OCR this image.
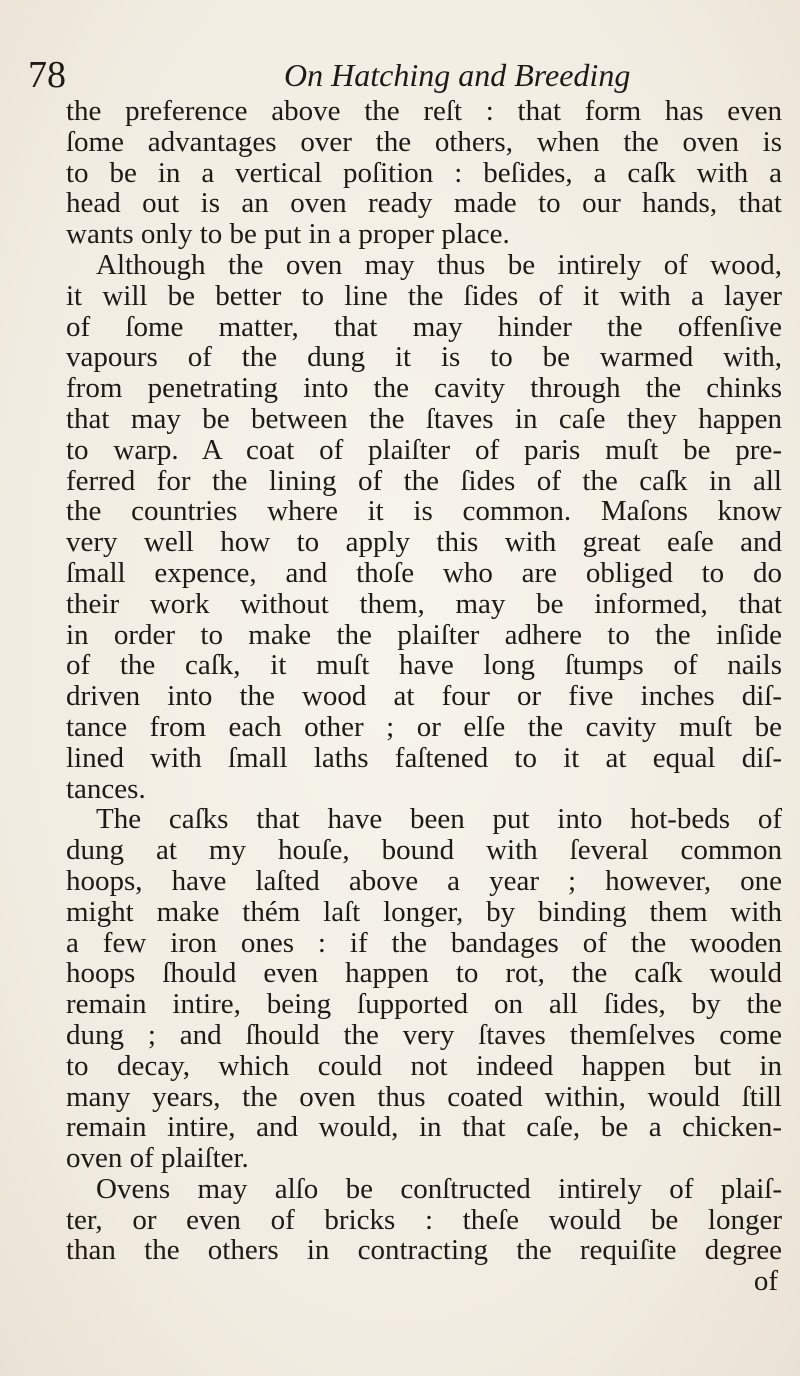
78	On Hatching and Breeding
the preference above the reſt : that form has even
ſome advantages over the others, when the oven is
to be in a vertical poſition : beſides, a caſk with a
head out is an oven ready made to our hands, that
wants only to be put in a proper place.
Although the oven may thus be intirely of wood,
it will be better to line the ſides of it with a layer
of ſome matter, that may hinder the offenſive
vapours of the dung it is to be warmed with,
from penetrating into the cavity through the chinks
that may be between the ſtaves in caſe they happen
to warp. A coat of plaiſter of paris muſt be pre-
ferred for the lining of the ſides of the caſk in all
the countries where it is common. Maſons know
very well how to apply this with great eaſe and
ſmall expence, and thoſe who are obliged to do
their work without them, may be informed, that
in order to make the plaiſter adhere to the inſide
of the caſk, it muſt have long ſtumps of nails
driven into the wood at four or five inches diſ-
tance from each other ; or elſe the cavity muſt be
lined with ſmall laths faſtened to it at equal diſ-
tances.
The caſks that have been put into hot-beds of
dung at my houſe, bound with ſeveral common
hoops, have laſted above a year ; however, one
might make thém laſt longer, by binding them with
a few iron ones : if the bandages of the wooden
hoops ſhould even happen to rot, the caſk would
remain intire, being ſupported on all ſides, by the
dung ; and ſhould the very ſtaves themſelves come
to decay, which could not indeed happen but in
many years, the oven thus coated within, would ſtill
remain intire, and would, in that caſe, be a chicken-
oven of plaiſter.
Ovens may alſo be conſtructed intirely of plaiſ-
ter, or even of bricks : theſe would be longer
than the others in contracting the requiſite degree
of
